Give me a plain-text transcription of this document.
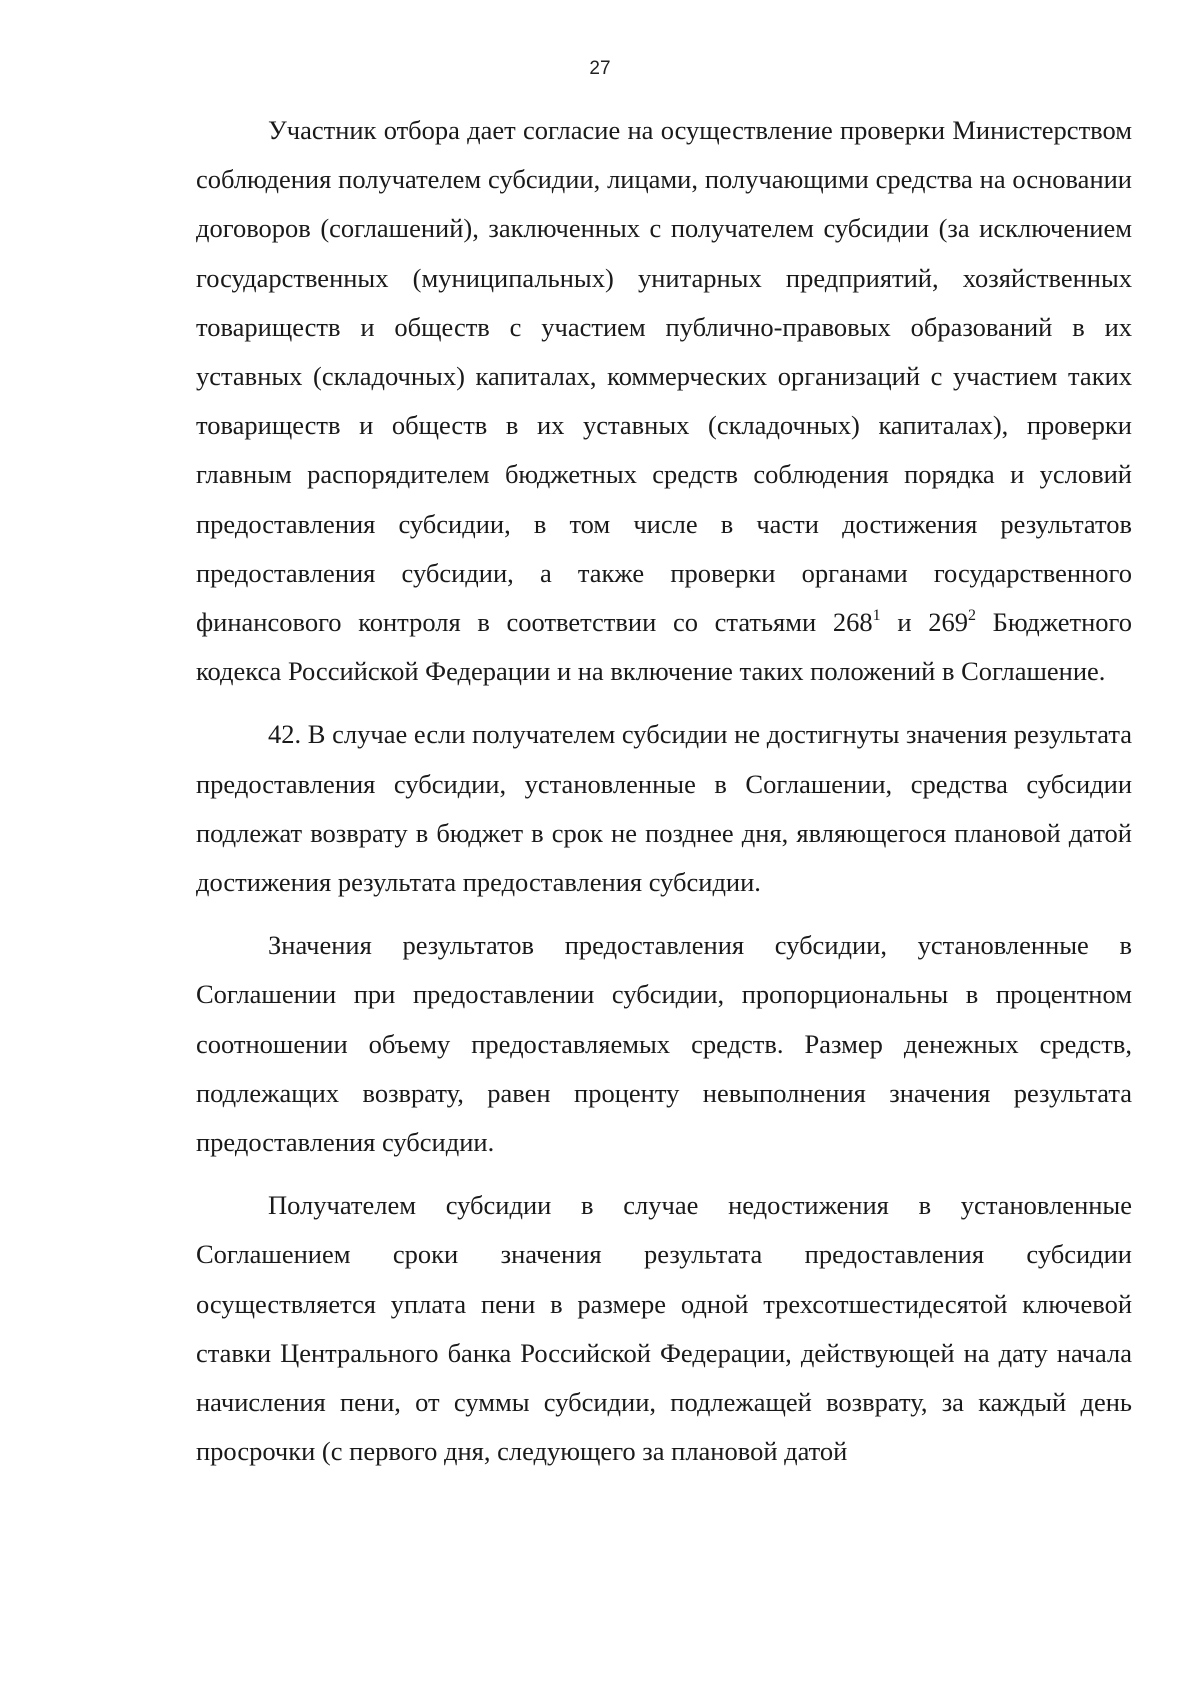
27

Участник отбора дает согласие на осуществление проверки Министерством соблюдения получателем субсидии, лицами, получающими средства на основании договоров (соглашений), заключенных с получателем субсидии (за исключением государственных (муниципальных) унитарных предприятий, хозяйственных товариществ и обществ с участием публично-правовых образований в их уставных (складочных) капиталах, коммерческих организаций с участием таких товариществ и обществ в их уставных (складочных) капиталах), проверки главным распорядителем бюджетных средств соблюдения порядка и условий предоставления субсидии, в том числе в части достижения результатов предоставления субсидии, а также проверки органами государственного финансового контроля в соответствии со статьями $268^1$ и $269^2$ Бюджетного кодекса Российской Федерации и на включение таких положений в Соглашение.

42. В случае если получателем субсидии не достигнуты значения результата предоставления субсидии, установленные в Соглашении, средства субсидии подлежат возврату в бюджет в срок не позднее дня, являющегося плановой датой достижения результата предоставления субсидии.

Значения результатов предоставления субсидии, установленные в Соглашении при предоставлении субсидии, пропорциональны в процентном соотношении объему предоставляемых средств. Размер денежных средств, подлежащих возврату, равен проценту невыполнения значения результата предоставления субсидии.

Получателем субсидии в случае недостижения в установленные Соглашением сроки значения результата предоставления субсидии осуществляется уплата пени в размере одной трехсотшестидесятой ключевой ставки Центрального банка Российской Федерации, действующей на дату начала начисления пени, от суммы субсидии, подлежащей возврату, за каждый день просрочки (с первого дня, следующего за плановой датой
